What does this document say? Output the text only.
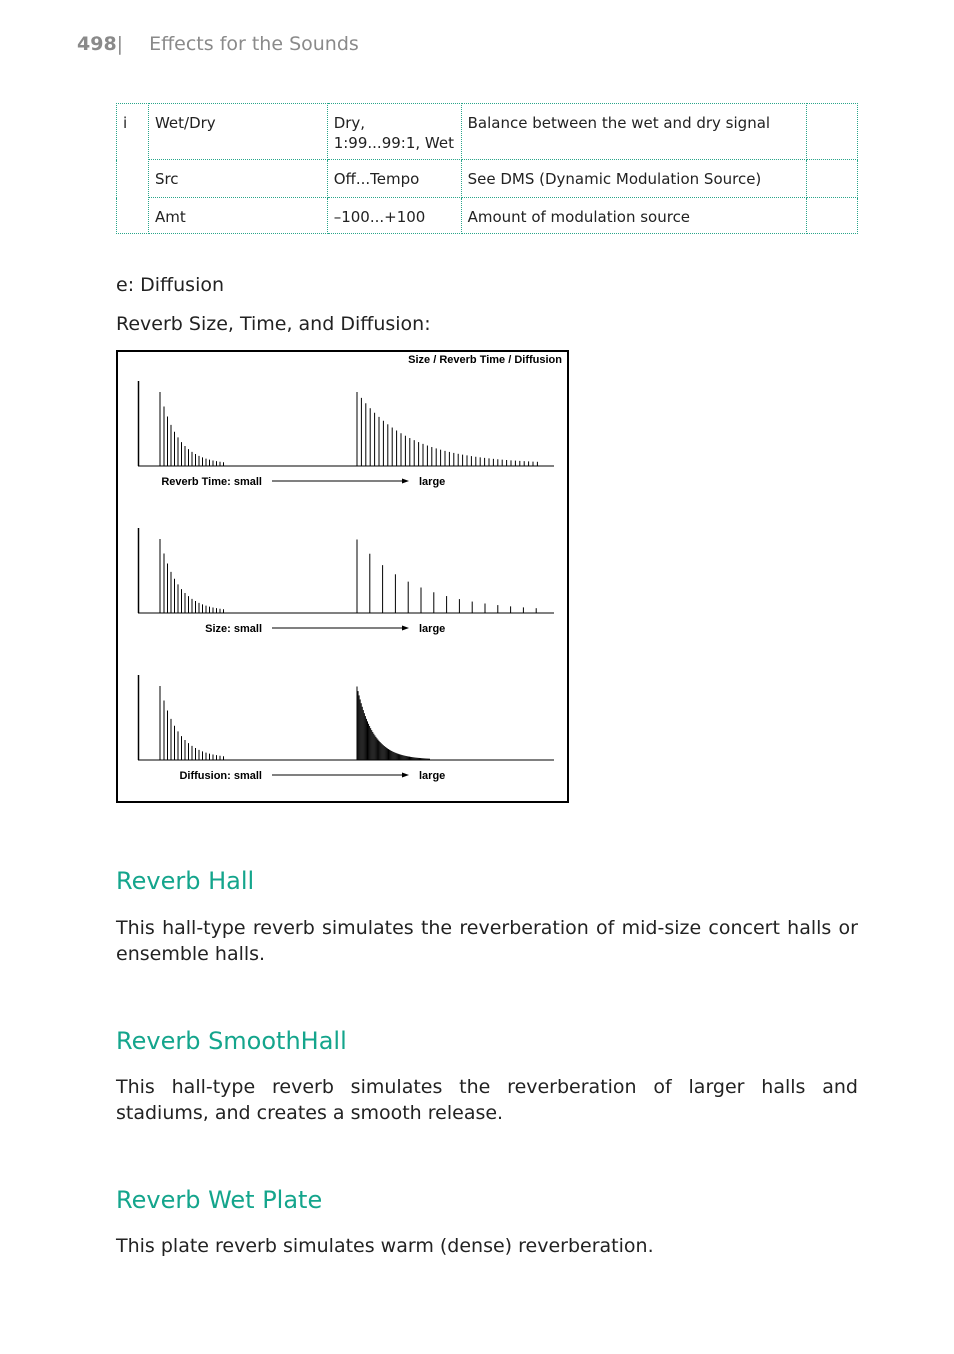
498| Effects for the Sounds
i	Wet/Dry	Dry, 1:99...99:1, Wet	Balance between the wet and dry signal	
	Src	Off...Tempo	See DMS (Dynamic Modulation Source)	
	Amt	–100...+100	Amount of modulation source	
e: Diffusion
Reverb Size, Time, and Diffusion:
Size / Reverb Time / Diffusion
Reverb Time: small	large
Size: small	large
Diffusion: small	large
Reverb Hall

This hall-type reverb simulates the reverberation of mid-size concert halls or ensemble halls.

Reverb SmoothHall

This hall-type reverb simulates the reverberation of larger halls and stadiums, and creates a smooth release.

Reverb Wet Plate

This plate reverb simulates warm (dense) reverberation.
